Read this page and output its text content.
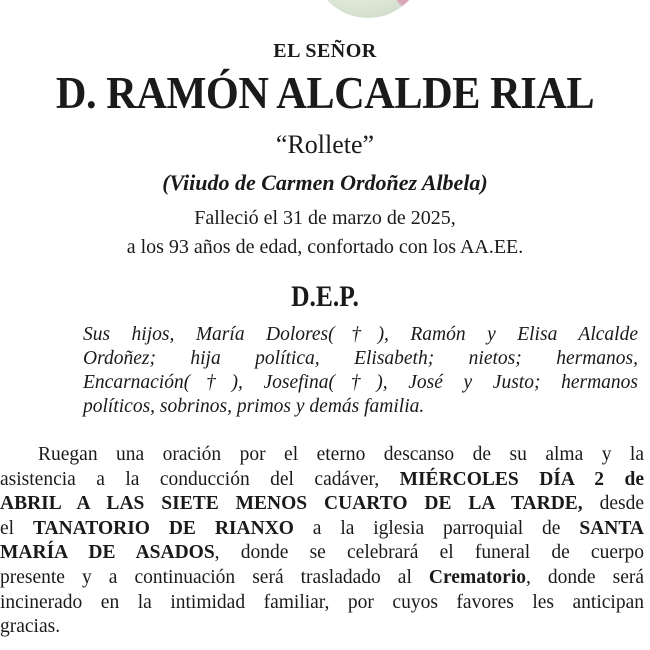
EL SEÑOR
D. RAMÓN ALCALDE RIAL
“Rollete”
(Viiudo de Carmen Ordoñez Albela)
Falleció el 31 de marzo de 2025,
a los 93 años de edad, confortado con los AA.EE.
D.E.P.
Sus hijos, María Dolores(†), Ramón y Elisa Alcalde
Ordoñez; hija política, Elisabeth; nietos; hermanos,
Encarnación(†), Josefina(†), José y Justo; hermanos
políticos, sobrinos, primos y demás familia.
Ruegan una oración por el eterno descanso de su alma y la
asistencia a la conducción del cadáver, MIÉRCOLES DÍA 2 de
ABRIL A LAS SIETE MENOS CUARTO DE LA TARDE, desde
el TANATORIO DE RIANXO a la iglesia parroquial de SANTA
MARÍA DE ASADOS, donde se celebrará el funeral de cuerpo
presente y a continuación será trasladado al Crematorio, donde será
incinerado en la intimidad familiar, por cuyos favores les anticipan
gracias.
